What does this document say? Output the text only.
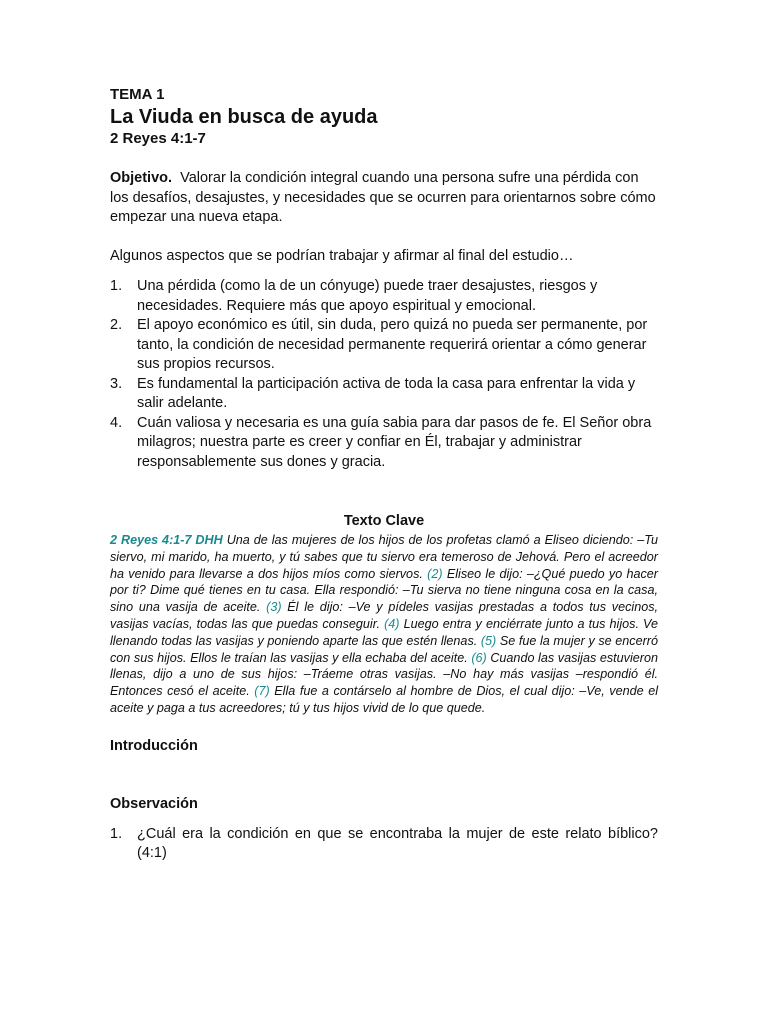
TEMA 1
La Viuda en busca de ayuda
2 Reyes 4:1-7
Objetivo. Valorar la condición integral cuando una persona sufre una pérdida con los desafíos, desajustes, y necesidades que se ocurren para orientarnos sobre cómo empezar una nueva etapa.
Algunos aspectos que se podrían trabajar y afirmar al final del estudio…
1.	Una pérdida (como la de un cónyuge) puede traer desajustes, riesgos y necesidades. Requiere más que apoyo espiritual y emocional.
2.	El apoyo económico es útil, sin duda, pero quizá no pueda ser permanente, por tanto, la condición de necesidad permanente requerirá orientar a cómo generar sus propios recursos.
3.	Es fundamental la participación activa de toda la casa para enfrentar la vida y salir adelante.
4.	Cuán valiosa y necesaria es una guía sabia para dar pasos de fe. El Señor obra milagros; nuestra parte es creer y confiar en Él, trabajar y administrar responsablemente sus dones y gracia.
Texto Clave
2 Reyes 4:1-7 DHH Una de las mujeres de los hijos de los profetas clamó a Eliseo diciendo: –Tu siervo, mi marido, ha muerto, y tú sabes que tu siervo era temeroso de Jehová. Pero el acreedor ha venido para llevarse a dos hijos míos como siervos. (2) Eliseo le dijo: –¿Qué puedo yo hacer por ti? Dime qué tienes en tu casa. Ella respondió: –Tu sierva no tiene ninguna cosa en la casa, sino una vasija de aceite. (3) Él le dijo: –Ve y pídeles vasijas prestadas a todos tus vecinos, vasijas vacías, todas las que puedas conseguir. (4) Luego entra y enciérrate junto a tus hijos. Ve llenando todas las vasijas y poniendo aparte las que estén llenas. (5) Se fue la mujer y se encerró con sus hijos. Ellos le traían las vasijas y ella echaba del aceite. (6) Cuando las vasijas estuvieron llenas, dijo a uno de sus hijos: –Tráeme otras vasijas. –No hay más vasijas –respondió él. Entonces cesó el aceite. (7) Ella fue a contárselo al hombre de Dios, el cual dijo: –Ve, vende el aceite y paga a tus acreedores; tú y tus hijos vivid de lo que quede.
Introducción
Observación
1.	¿Cuál era la condición en que se encontraba la mujer de este relato bíblico? (4:1)
